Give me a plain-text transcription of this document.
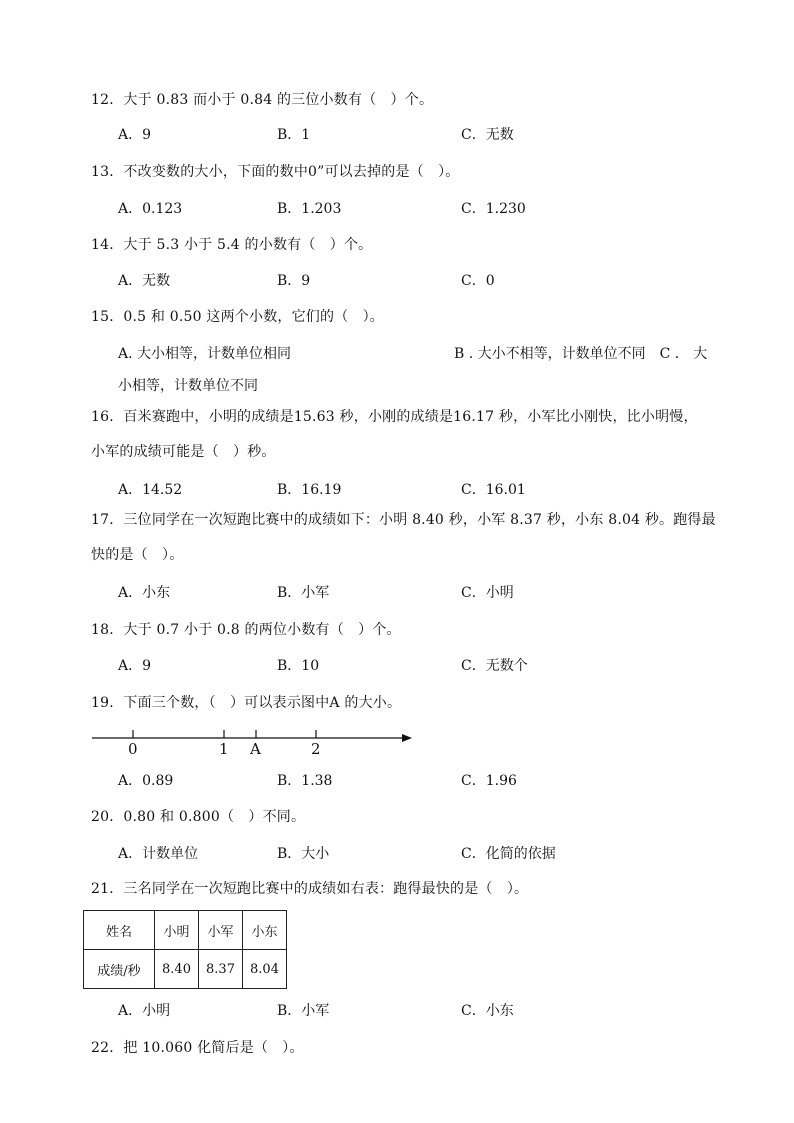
12．大于 0.83 而小于 0.84 的三位小数有（　）个。
A．9	B．1	C．无数
13．不改变数的大小，下面的数中0”可以去掉的是（　）。
A．0.123	B．1.203	C．1.230
14．大于 5.3 小于 5.4 的小数有（　）个。
A．无数	B．9	C．0
15．0.5 和 0.50 这两个小数，它们的（　）。
A. 大小相等，计数单位相同	B . 大小不相等，计数单位不同　C ． 大
小相等，计数单位不同
16．百米赛跑中，小明的成绩是15.63 秒，小刚的成绩是16.17 秒，小军比小刚快，比小明慢，
小军的成绩可能是（　）秒。
A．14.52	B．16.19	C．16.01
17．三位同学在一次短跑比赛中的成绩如下：小明 8.40 秒，小军 8.37 秒，小东 8.04 秒。跑得最
快的是（　）。
A．小东	B．小军	C．小明
18．大于 0.7 小于 0.8 的两位小数有（　）个。
A．9	B．10	C．无数个
19．下面三个数，（　）可以表示图中A 的大小。
0	1 A	2
A．0.89	B．1.38	C．1.96
20．0.80 和 0.800（　）不同。
A．计数单位	B．大小	C．化简的依据
21．三名同学在一次短跑比赛中的成绩如右表：跑得最快的是（　）。
姓名	小明	小军	小东
成绩/秒	8.40	8.37	8.04
A．小明	B．小军	C．小东
22．把 10.060 化简后是（　）。
